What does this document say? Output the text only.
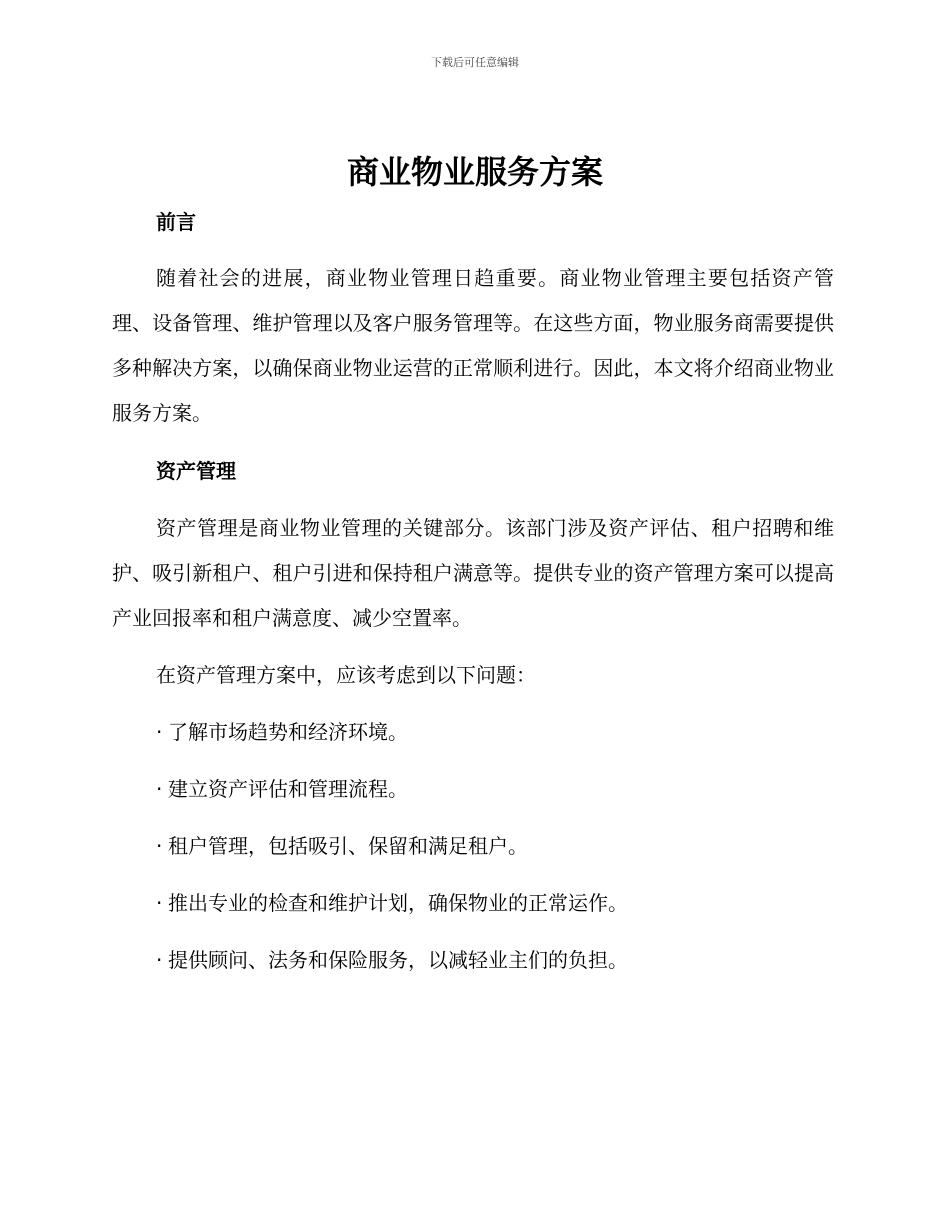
下载后可任意编辑
商业物业服务方案
前言

随着社会的进展，商业物业管理日趋重要。商业物业管理主要包括资产管理、设备管理、维护管理以及客户服务管理等。在这些方面，物业服务商需要提供多种解决方案，以确保商业物业运营的正常顺利进行。因此，本文将介绍商业物业服务方案。

资产管理

资产管理是商业物业管理的关键部分。该部门涉及资产评估、租户招聘和维护、吸引新租户、租户引进和保持租户满意等。提供专业的资产管理方案可以提高产业回报率和租户满意度、减少空置率。

在资产管理方案中，应该考虑到以下问题：

· 了解市场趋势和经济环境。
· 建立资产评估和管理流程。
· 租户管理，包括吸引、保留和满足租户。
· 推出专业的检查和维护计划，确保物业的正常运作。
· 提供顾问、法务和保险服务，以减轻业主们的负担。
